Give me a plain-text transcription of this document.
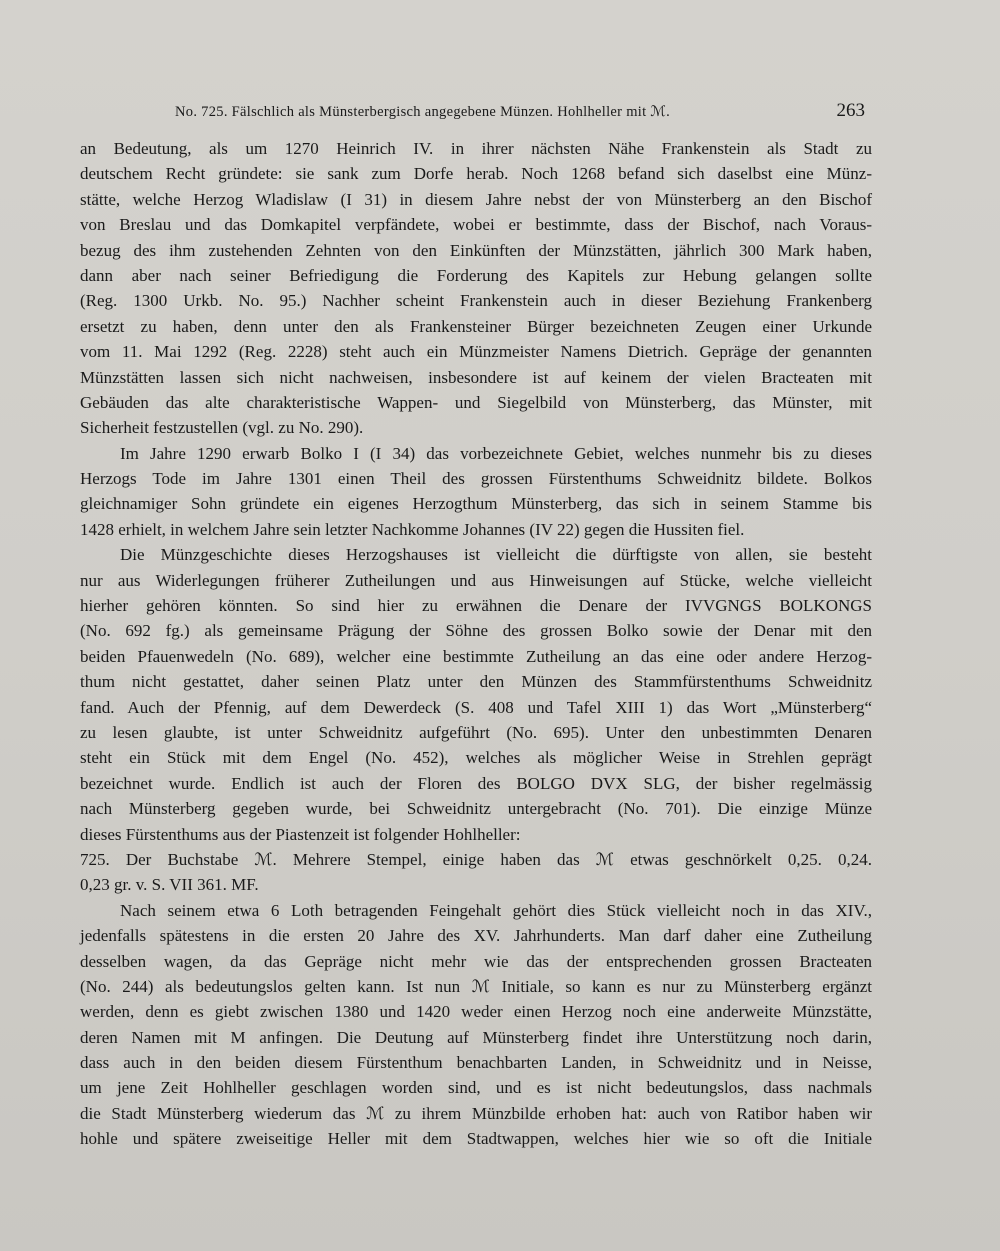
No. 725. Fälschlich als Münsterbergisch angegebene Münzen. Hohlheller mit ℳ.	263
an Bedeutung, als um 1270 Heinrich IV. in ihrer nächsten Nähe Frankenstein als Stadt zu
deutschem Recht gründete: sie sank zum Dorfe herab. Noch 1268 befand sich daselbst eine Münz-
stätte, welche Herzog Wladislaw (I 31) in diesem Jahre nebst der von Münsterberg an den Bischof
von Breslau und das Domkapitel verpfändete, wobei er bestimmte, dass der Bischof, nach Voraus-
bezug des ihm zustehenden Zehnten von den Einkünften der Münzstätten, jährlich 300 Mark haben,
dann aber nach seiner Befriedigung die Forderung des Kapitels zur Hebung gelangen sollte
(Reg. 1300 Urkb. No. 95.) Nachher scheint Frankenstein auch in dieser Beziehung Frankenberg
ersetzt zu haben, denn unter den als Frankensteiner Bürger bezeichneten Zeugen einer Urkunde
vom 11. Mai 1292 (Reg. 2228) steht auch ein Münzmeister Namens Dietrich. Gepräge der genannten
Münzstätten lassen sich nicht nachweisen, insbesondere ist auf keinem der vielen Bracteaten mit
Gebäuden das alte charakteristische Wappen- und Siegelbild von Münsterberg, das Münster, mit
Sicherheit festzustellen (vgl. zu No. 290).
Im Jahre 1290 erwarb Bolko I (I 34) das vorbezeichnete Gebiet, welches nunmehr bis zu dieses
Herzogs Tode im Jahre 1301 einen Theil des grossen Fürstenthums Schweidnitz bildete. Bolkos
gleichnamiger Sohn gründete ein eigenes Herzogthum Münsterberg, das sich in seinem Stamme bis
1428 erhielt, in welchem Jahre sein letzter Nachkomme Johannes (IV 22) gegen die Hussiten fiel.
Die Münzgeschichte dieses Herzogshauses ist vielleicht die dürftigste von allen, sie besteht
nur aus Widerlegungen früherer Zutheilungen und aus Hinweisungen auf Stücke, welche vielleicht
hierher gehören könnten. So sind hier zu erwähnen die Denare der IVVGNGS BOLKONGS
(No. 692 fg.) als gemeinsame Prägung der Söhne des grossen Bolko sowie der Denar mit den
beiden Pfauenwedeln (No. 689), welcher eine bestimmte Zutheilung an das eine oder andere Herzog-
thum nicht gestattet, daher seinen Platz unter den Münzen des Stammfürstenthums Schweidnitz
fand. Auch der Pfennig, auf dem Dewerdeck (S. 408 und Tafel XIII 1) das Wort „Münsterberg“
zu lesen glaubte, ist unter Schweidnitz aufgeführt (No. 695). Unter den unbestimmten Denaren
steht ein Stück mit dem Engel (No. 452), welches als möglicher Weise in Strehlen geprägt
bezeichnet wurde. Endlich ist auch der Floren des BOLGO DVX SLG, der bisher regelmässig
nach Münsterberg gegeben wurde, bei Schweidnitz untergebracht (No. 701). Die einzige Münze
dieses Fürstenthums aus der Piastenzeit ist folgender Hohlheller:
725. Der Buchstabe ℳ. Mehrere Stempel, einige haben das ℳ etwas geschnörkelt 0,25. 0,24.
0,23 gr. v. S. VII 361. MF.
Nach seinem etwa 6 Loth betragenden Feingehalt gehört dies Stück vielleicht noch in das XIV.,
jedenfalls spätestens in die ersten 20 Jahre des XV. Jahrhunderts. Man darf daher eine Zutheilung
desselben wagen, da das Gepräge nicht mehr wie das der entsprechenden grossen Bracteaten
(No. 244) als bedeutungslos gelten kann. Ist nun ℳ Initiale, so kann es nur zu Münsterberg ergänzt
werden, denn es giebt zwischen 1380 und 1420 weder einen Herzog noch eine anderweite Münzstätte,
deren Namen mit M anfingen. Die Deutung auf Münsterberg findet ihre Unterstützung noch darin,
dass auch in den beiden diesem Fürstenthum benachbarten Landen, in Schweidnitz und in Neisse,
um jene Zeit Hohlheller geschlagen worden sind, und es ist nicht bedeutungslos, dass nachmals
die Stadt Münsterberg wiederum das ℳ zu ihrem Münzbilde erhoben hat: auch von Ratibor haben wir
hohle und spätere zweiseitige Heller mit dem Stadtwappen, welches hier wie so oft die Initiale
